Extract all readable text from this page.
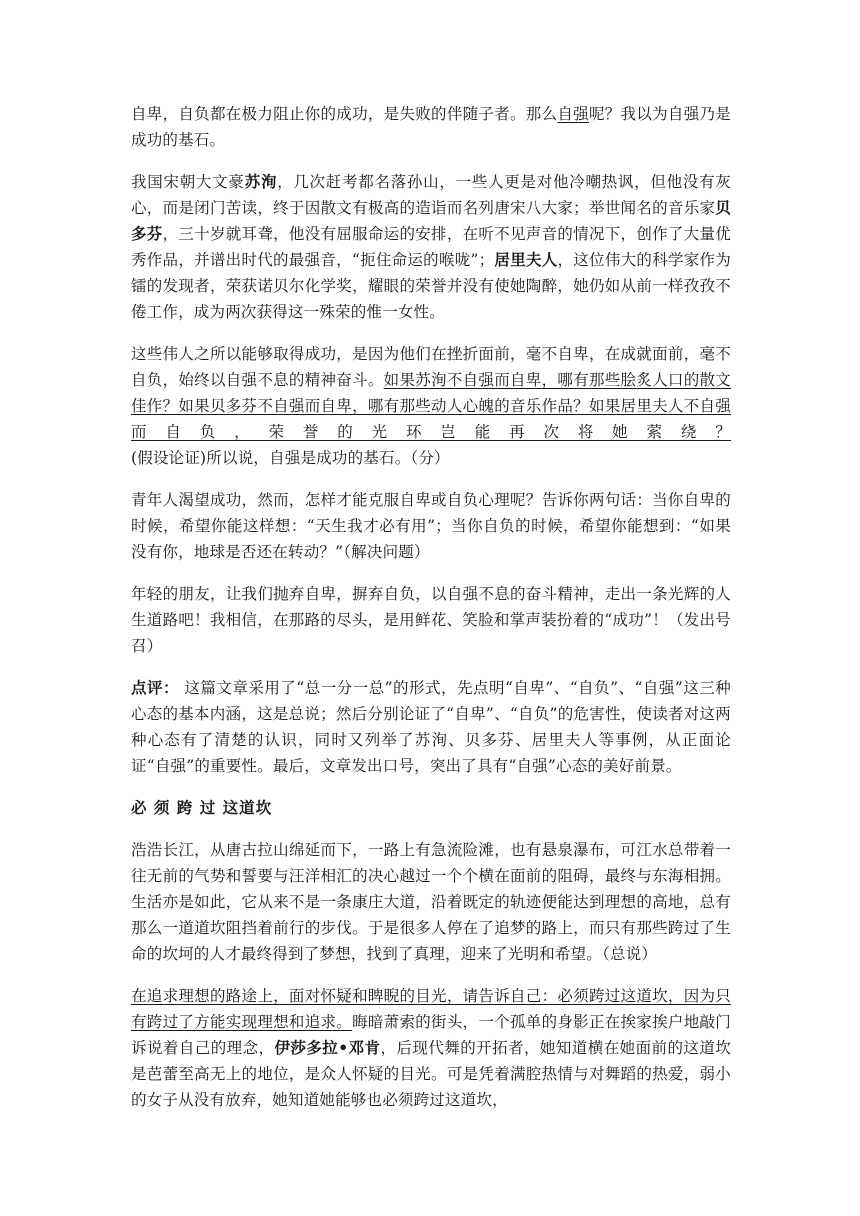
自卑，自负都在极力阻止你的成功，是失败的伴随子者。那么自强呢？我以为自强乃是成功的基石。

我国宋朝大文豪苏洵，几次赶考都名落孙山，一些人更是对他冷嘲热讽，但他没有灰心，而是闭门苦读，终于因散文有极高的造诣而名列唐宋八大家；举世闻名的音乐家贝多芬，三十岁就耳聋，他没有屈服命运的安排，在听不见声音的情况下，创作了大量优秀作品，并谱出时代的最强音，“扼住命运的喉咙”；居里夫人，这位伟大的科学家作为镭的发现者，荣获诺贝尔化学奖，耀眼的荣誉并没有使她陶醉，她仍如从前一样孜孜不倦工作，成为两次获得这一殊荣的惟一女性。

这些伟人之所以能够取得成功，是因为他们在挫折面前，毫不自卑，在成就面前，毫不自负，始终以自强不息的精神奋斗。如果苏洵不自强而自卑，哪有那些脍炙人口的散文佳作？如果贝多芬不自强而自卑，哪有那些动人心魄的音乐作品？如果居里夫人不自强而自负，荣誉的光环岂能再次将她萦绕？(假设论证)所以说，自强是成功的基石。（分）

青年人渴望成功，然而，怎样才能克服自卑或自负心理呢？告诉你两句话：当你自卑的时候，希望你能这样想：“天生我才必有用”；当你自负的时候，希望你能想到：“如果没有你，地球是否还在转动？”（解决问题）

年轻的朋友，让我们抛弃自卑，摒弃自负，以自强不息的奋斗精神，走出一条光辉的人生道路吧！我相信，在那路的尽头，是用鲜花、笑脸和掌声装扮着的“成功”！（发出号召）

点评： 这篇文章采用了“总一分一总”的形式，先点明“自卑”、“自负”、“自强”这三种心态的基本内涵，这是总说；然后分别论证了“自卑”、“自负”的危害性，使读者对这两种心态有了清楚的认识，同时又列举了苏洵、贝多芬、居里夫人等事例，从正面论证“自强”的重要性。最后，文章发出口号，突出了具有“自强”心态的美好前景。

必 须 跨 过 这道坎

浩浩长江，从唐古拉山绵延而下，一路上有急流险滩，也有悬泉瀑布，可江水总带着一往无前的气势和誓要与汪洋相汇的决心越过一个个横在面前的阻碍，最终与东海相拥。生活亦是如此，它从来不是一条康庄大道，沿着既定的轨迹便能达到理想的高地，总有那么一道道坎阻挡着前行的步伐。于是很多人停在了追梦的路上，而只有那些跨过了生命的坎坷的人才最终得到了梦想，找到了真理，迎来了光明和希望。（总说）

在追求理想的路途上，面对怀疑和睥睨的目光，请告诉自己：必须跨过这道坎，因为只有跨过了方能实现理想和追求。晦暗萧索的街头，一个孤单的身影正在挨家挨户地敲门诉说着自己的理念，伊莎多拉•邓肯，后现代舞的开拓者，她知道横在她面前的这道坎是芭蕾至高无上的地位，是众人怀疑的目光。可是凭着满腔热情与对舞蹈的热爱，弱小的女子从没有放弃，她知道她能够也必须跨过这道坎，
